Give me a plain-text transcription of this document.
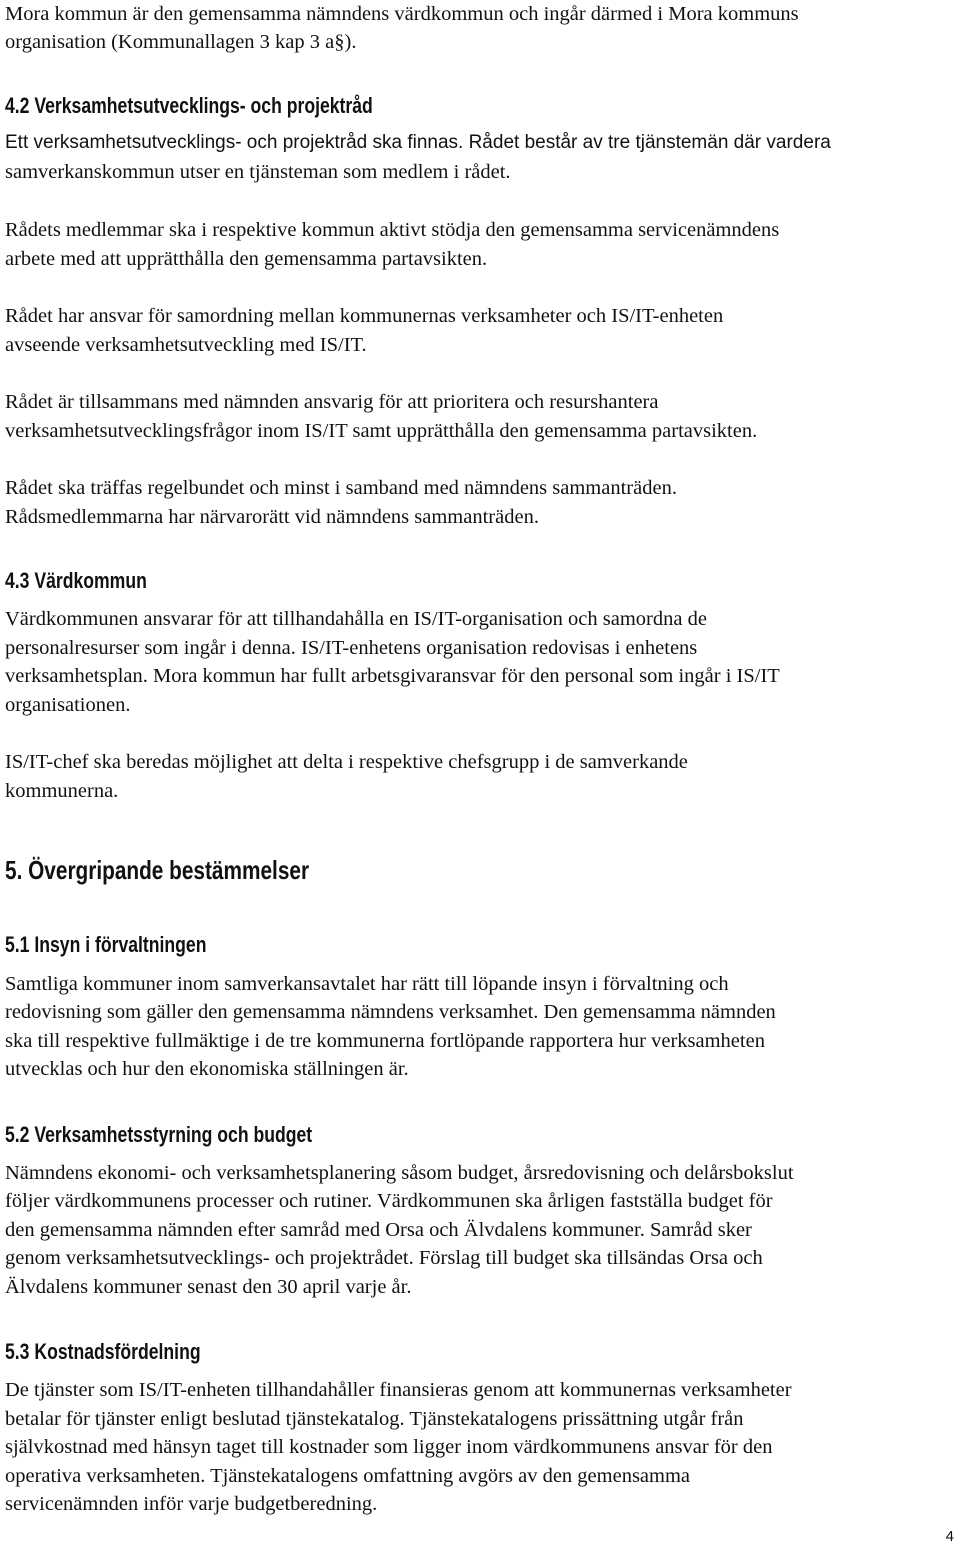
Mora kommun är den gemensamma nämndens värdkommun och ingår därmed i Mora kommuns
organisation (Kommunallagen 3 kap 3 a§).
4.2 Verksamhetsutvecklings- och projektråd
Ett verksamhetsutvecklings- och projektråd ska finnas. Rådet består av tre tjänstemän där vardera
samverkanskommun utser en tjänsteman som medlem i rådet.
Rådets medlemmar ska i respektive kommun aktivt stödja den gemensamma servicenämndens
arbete med att upprätthålla den gemensamma partavsikten.
Rådet har ansvar för samordning mellan kommunernas verksamheter och IS/IT-enheten
avseende verksamhetsutveckling med IS/IT.
Rådet är tillsammans med nämnden ansvarig för att prioritera och resurshantera
verksamhetsutvecklingsfrågor inom IS/IT samt upprätthålla den gemensamma partavsikten.
Rådet ska träffas regelbundet och minst i samband med nämndens sammanträden.
Rådsmedlemmarna har närvarorätt vid nämndens sammanträden.
4.3 Värdkommun
Värdkommunen ansvarar för att tillhandahålla en IS/IT-organisation och samordna de
personalresurser som ingår i denna. IS/IT-enhetens organisation redovisas i enhetens
verksamhetsplan. Mora kommun har fullt arbetsgivaransvar för den personal som ingår i IS/IT
organisationen.
IS/IT-chef ska beredas möjlighet att delta i respektive chefsgrupp i de samverkande
kommunerna.
5. Övergripande bestämmelser
5.1 Insyn i förvaltningen
Samtliga kommuner inom samverkansavtalet har rätt till löpande insyn i förvaltning och
redovisning som gäller den gemensamma nämndens verksamhet. Den gemensamma nämnden
ska till respektive fullmäktige i de tre kommunerna fortlöpande rapportera hur verksamheten
utvecklas och hur den ekonomiska ställningen är.
5.2 Verksamhetsstyrning och budget
Nämndens ekonomi- och verksamhetsplanering såsom budget, årsredovisning och delårsbokslut
följer värdkommunens processer och rutiner. Värdkommunen ska årligen fastställa budget för
den gemensamma nämnden efter samråd med Orsa och Älvdalens kommuner. Samråd sker
genom verksamhetsutvecklings- och projektrådet. Förslag till budget ska tillsändas Orsa och
Älvdalens kommuner senast den 30 april varje år.
5.3 Kostnadsfördelning
De tjänster som IS/IT-enheten tillhandahåller finansieras genom att kommunernas verksamheter
betalar för tjänster enligt beslutad tjänstekatalog. Tjänstekatalogens prissättning utgår från
självkostnad med hänsyn taget till kostnader som ligger inom värdkommunens ansvar för den
operativa verksamheten. Tjänstekatalogens omfattning avgörs av den gemensamma
servicenämnden inför varje budgetberedning.
4
